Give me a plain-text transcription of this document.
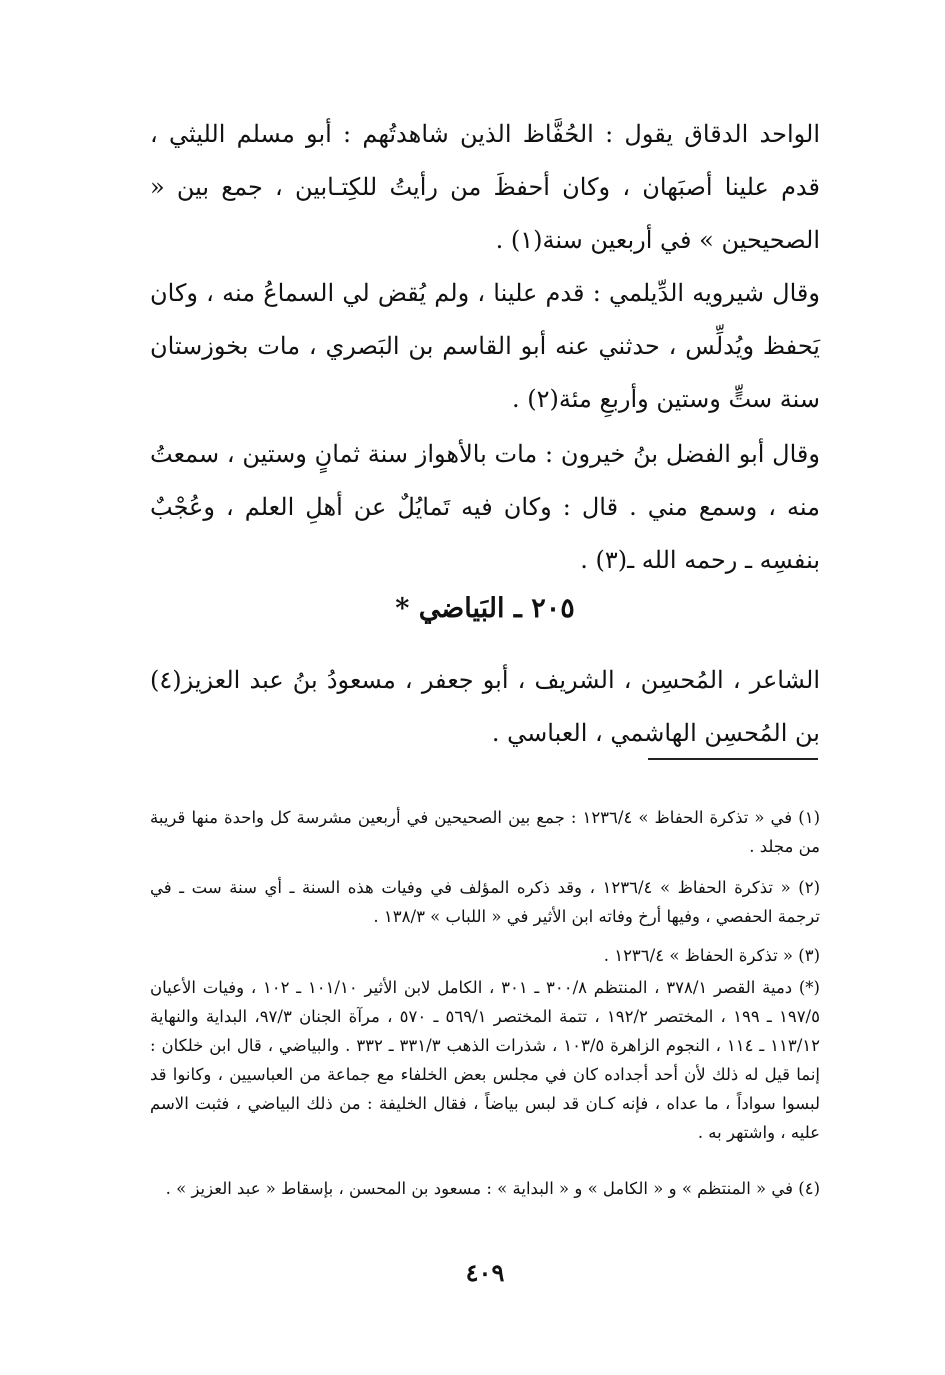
الواحد الدقاق يقول : الحُفَّاظ الذين شاهدتُهم : أبو مسلم الليثي ، قدم علينا أصبَهان ، وكان أحفظَ من رأيتُ للكِتـابين ، جمع بين « الصحيحين » في أربعين سنة(١) .

وقال شيرويه الدِّيلمي : قدم علينا ، ولم يُقض لي السماعُ منه ، وكان يَحفظ ويُدلِّس ، حدثني عنه أبو القاسم بن البَصري ، مات بخوزستان سنة ستٍّ وستين وأربعِ مئة(٢) .

وقال أبو الفضل بنُ خيرون : مات بالأهواز سنة ثمانٍ وستين ، سمعتُ منه ، وسمع مني . قال : وكان فيه تَمايُلٌ عن أهلِ العلم ، وعُجْبٌ بنفسِه ـ رحمه الله ـ(٣) .

٢٠٥ ـ البَياضي *

الشاعر ، المُحسِن ، الشريف ، أبو جعفر ، مسعودُ بنُ عبد العزيز(٤) بن المُحسِن الهاشمي ، العباسي .

(١) في « تذكرة الحفاظ » ١٢٣٦/٤ : جمع بين الصحيحين في أربعين مشرسة كل واحدة منها قريبة من مجلد .

(٢) « تذكرة الحفاظ » ١٢٣٦/٤ ، وقد ذكره المؤلف في وفيات هذه السنة ـ أي سنة ست ـ في ترجمة الحفصي ، وفيها أرخ وفاته ابن الأثير في « اللباب » ١٣٨/٣ .

(٣) « تذكرة الحفاظ » ١٢٣٦/٤ .

(*) دمية القصر ٣٧٨/١ ، المنتظم ٣٠٠/٨ ـ ٣٠١ ، الكامل لابن الأثير ١٠١/١٠ ـ ١٠٢ ، وفيات الأعيان ١٩٧/٥ ـ ١٩٩ ، المختصر ١٩٢/٢ ، تتمة المختصر ٥٦٩/١ ـ ٥٧٠ ، مرآة الجنان ٩٧/٣، البداية والنهاية ١١٣/١٢ ـ ١١٤ ، النجوم الزاهرة ١٠٣/٥ ، شذرات الذهب ٣٣١/٣ ـ ٣٣٢ . والبياضي ، قال ابن خلكان : إنما قيل له ذلك لأن أحد أجداده كان في مجلس بعض الخلفاء مع جماعة من العباسيين ، وكانوا قد لبسوا سواداً ، ما عداه ، فإنه كـان قد لبس بياضاً ، فقال الخليفة : من ذلك البياضي ، فثبت الاسم عليه ، واشتهر به .

(٤) في « المنتظم » و « الكامل » و « البداية » : مسعود بن المحسن ، بإسقاط « عبد العزيز » .

٤٠٩
